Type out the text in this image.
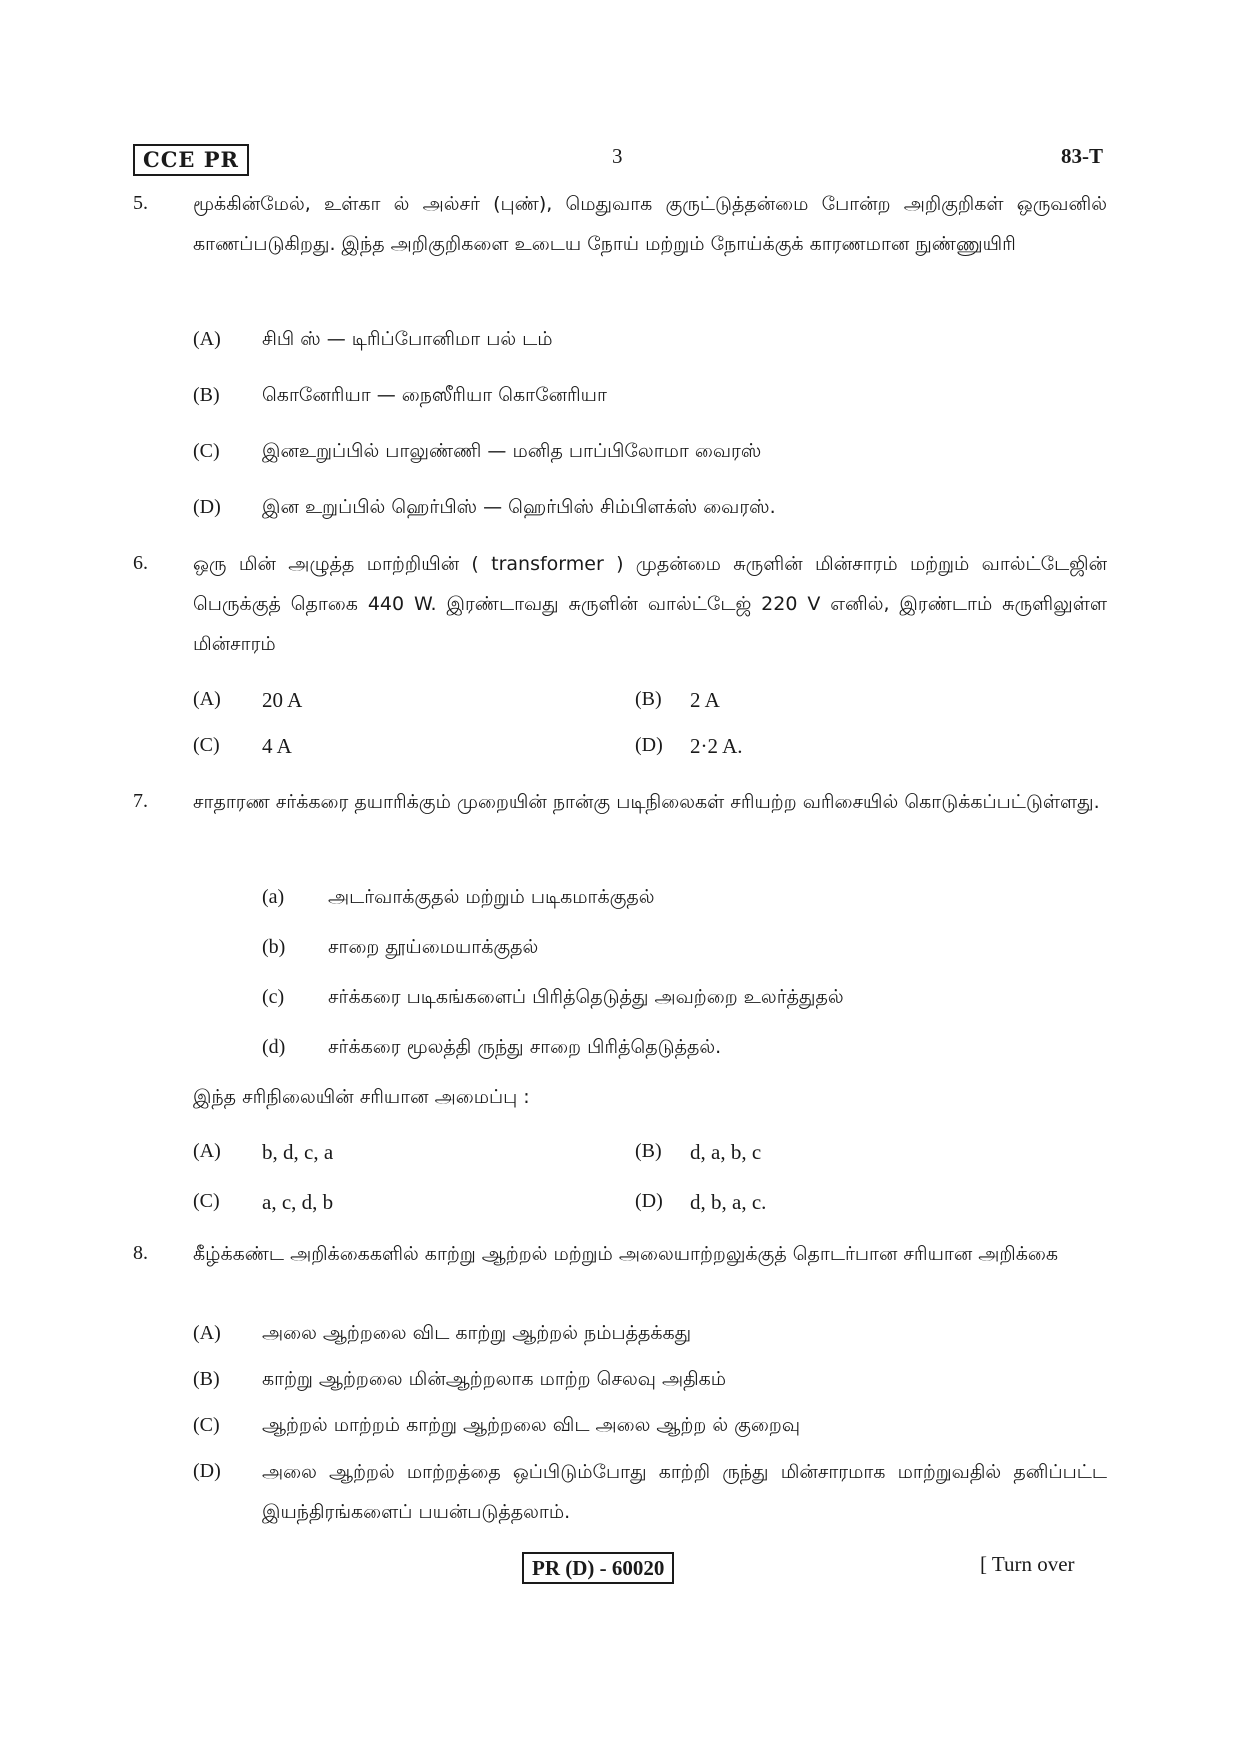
CCE PR	3	83-T
5. மூக்கின்மேல், உள்கா ல் அல்சர் (புண்), மெதுவாக குருட்டுத்தன்மை போன்ற அறிகுறிகள் ஒருவனில் காணப்படுகிறது. இந்த அறிகுறிகளை உடைய நோய் மற்றும் நோய்க்குக் காரணமான நுண்ணுயிரி
(A) சிபி ஸ் — டிரிப்போனிமா பல் டம்
(B) கொனேரியா — நைஸீரியா கொனேரியா
(C) இனஉறுப்பில் பாலுண்ணி — மனித பாப்பிலோமா வைரஸ்
(D) இன உறுப்பில் ஹெர்பிஸ் — ஹெர்பிஸ் சிம்பிளக்ஸ் வைரஸ்.
6. ஒரு மின் அழுத்த மாற்றியின் ( transformer ) முதன்மை சுருளின் மின்சாரம் மற்றும் வால்ட்டேஜின் பெருக்குத் தொகை 440 W. இரண்டாவது சுருளின் வால்ட்டேஜ் 220 V எனில், இரண்டாம் சுருளிலுள்ள மின்சாரம்
(A) 20 A	(B) 2 A
(C) 4 A	(D) 2·2 A.
7. சாதாரண சர்க்கரை தயாரிக்கும் முறையின் நான்கு படிநிலைகள் சரியற்ற வரிசையில் கொடுக்கப்பட்டுள்ளது.
(a) அடர்வாக்குதல் மற்றும் படிகமாக்குதல்
(b) சாறை தூய்மையாக்குதல்
(c) சர்க்கரை படிகங்களைப் பிரித்தெடுத்து அவற்றை உலர்த்துதல்
(d) சர்க்கரை மூலத்தி ருந்து சாறை பிரித்தெடுத்தல்.
இந்த சரிநிலையின் சரியான அமைப்பு :
(A) b, d, c, a	(B) d, a, b, c
(C) a, c, d, b	(D) d, b, a, c.
8. கீழ்க்கண்ட அறிக்கைகளில் காற்று ஆற்றல் மற்றும் அலையாற்றலுக்குத் தொடர்பான சரியான அறிக்கை
(A) அலை ஆற்றலை விட காற்று ஆற்றல் நம்பத்தக்கது
(B) காற்று ஆற்றலை மின்ஆற்றலாக மாற்ற செலவு அதிகம்
(C) ஆற்றல் மாற்றம் காற்று ஆற்றலை விட அலை ஆற்ற ல் குறைவு
(D) அலை ஆற்றல் மாற்றத்தை ஒப்பிடும்போது காற்றி ருந்து மின்சாரமாக மாற்றுவதில் தனிப்பட்ட இயந்திரங்களைப் பயன்படுத்தலாம்.
PR (D) - 60020	[ Turn over
